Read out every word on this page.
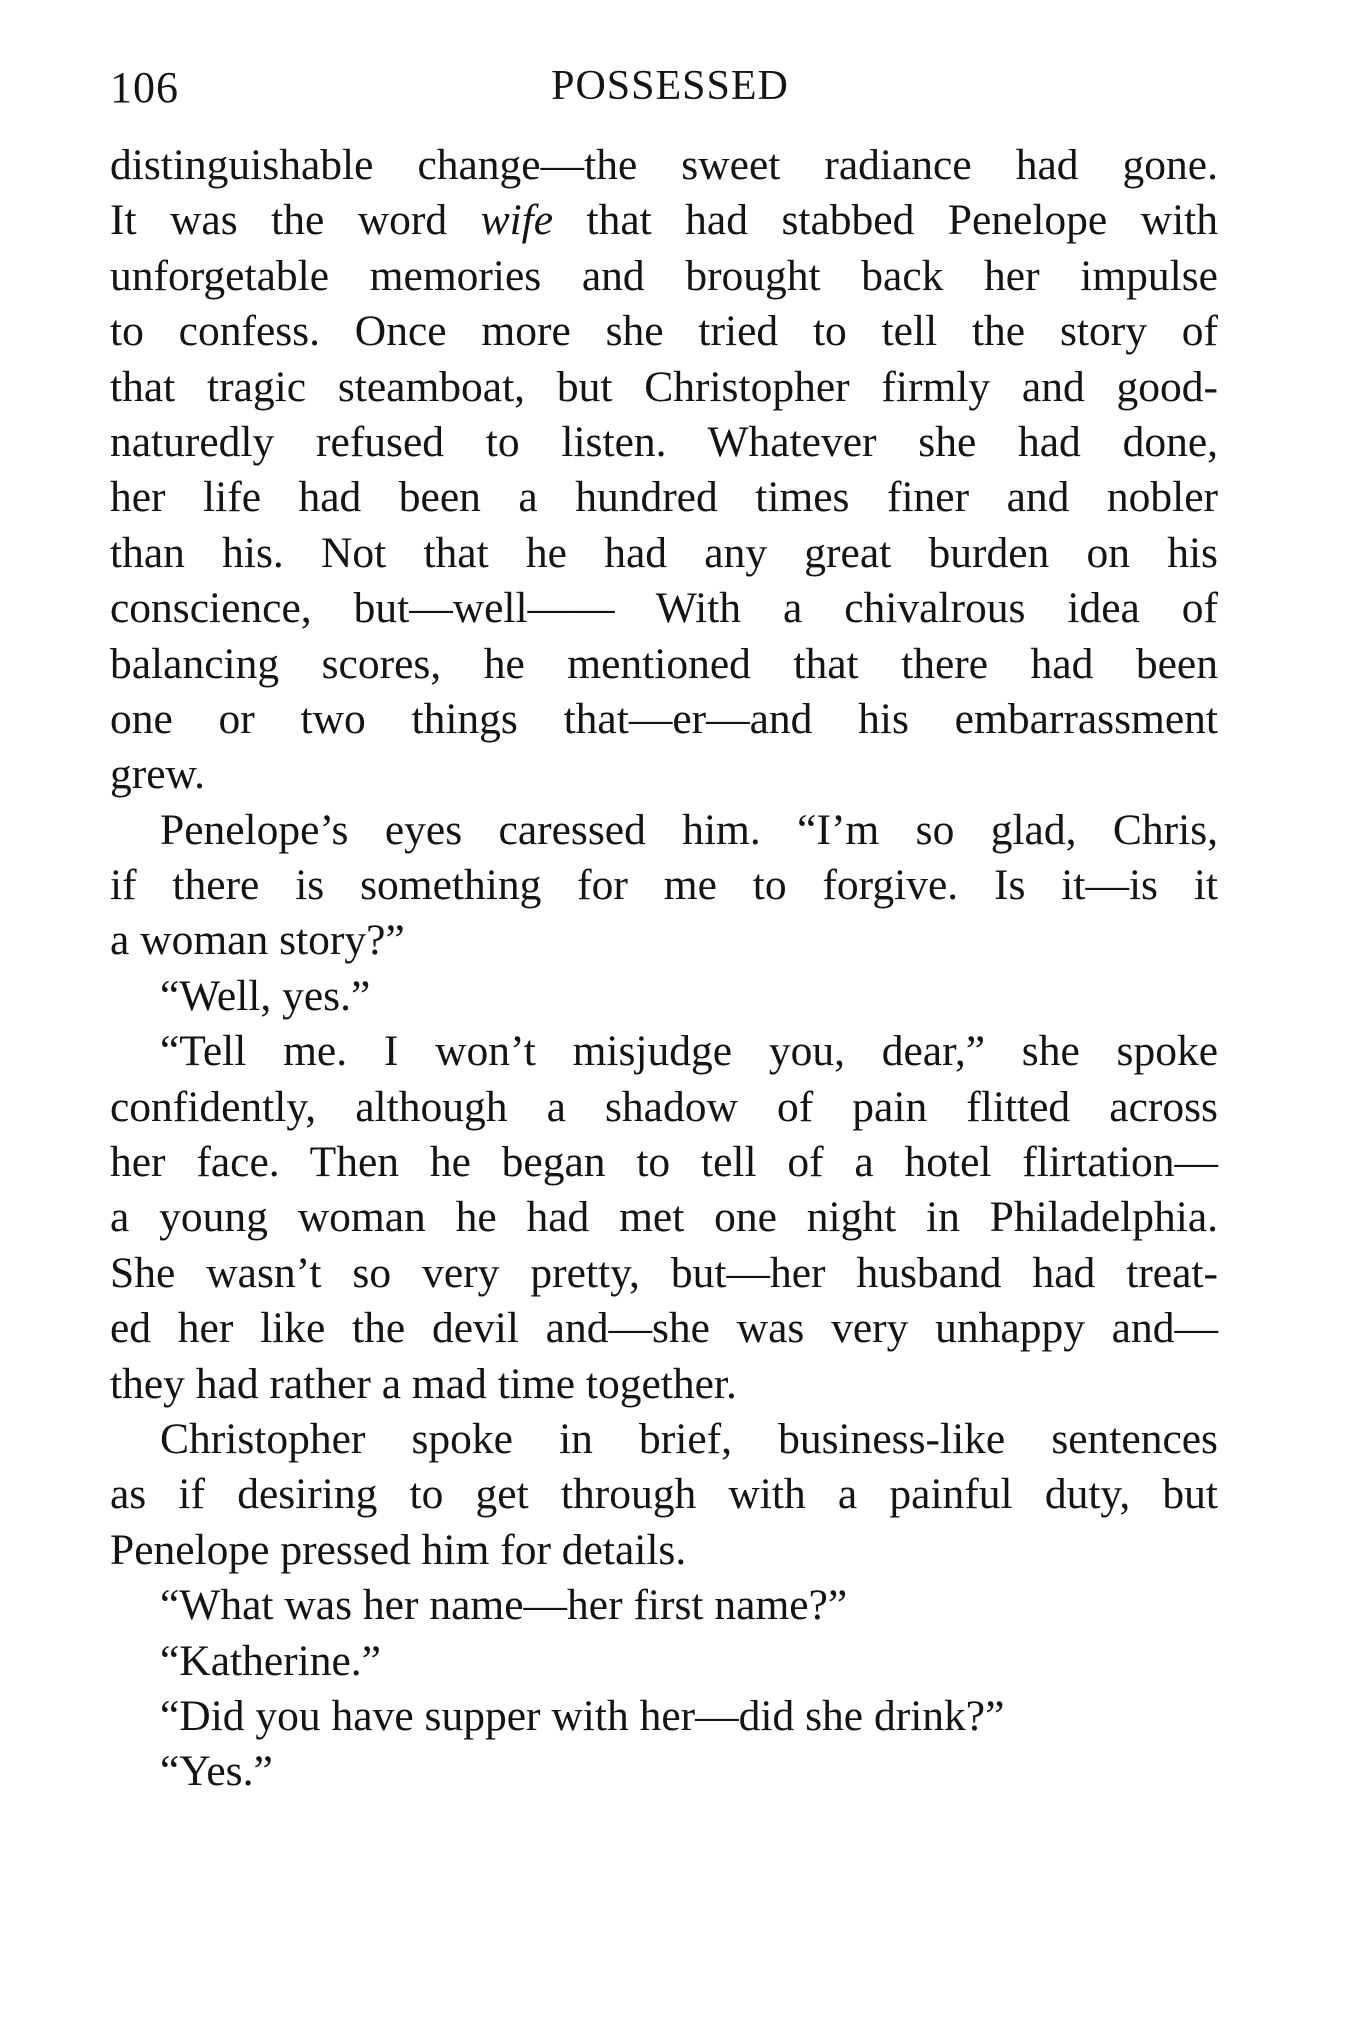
106	POSSESSED
distinguishable change—the sweet radiance had gone.
It was the word wife that had stabbed Penelope with
unforgetable memories and brought back her impulse
to confess. Once more she tried to tell the story of
that tragic steamboat, but Christopher firmly and good-
naturedly refused to listen. Whatever she had done,
her life had been a hundred times finer and nobler
than his. Not that he had any great burden on his
conscience, but—well—— With a chivalrous idea of
balancing scores, he mentioned that there had been
one or two things that—er—and his embarrassment
grew.
Penelope’s eyes caressed him. “I’m so glad, Chris,
if there is something for me to forgive. Is it—is it
a woman story?”
“Well, yes.”
“Tell me. I won’t misjudge you, dear,” she spoke
confidently, although a shadow of pain flitted across
her face. Then he began to tell of a hotel flirtation—
a young woman he had met one night in Philadelphia.
She wasn’t so very pretty, but—her husband had treat-
ed her like the devil and—she was very unhappy and—
they had rather a mad time together.
Christopher spoke in brief, business-like sentences
as if desiring to get through with a painful duty, but
Penelope pressed him for details.
“What was her name—her first name?”
“Katherine.”
“Did you have supper with her—did she drink?”
“Yes.”
